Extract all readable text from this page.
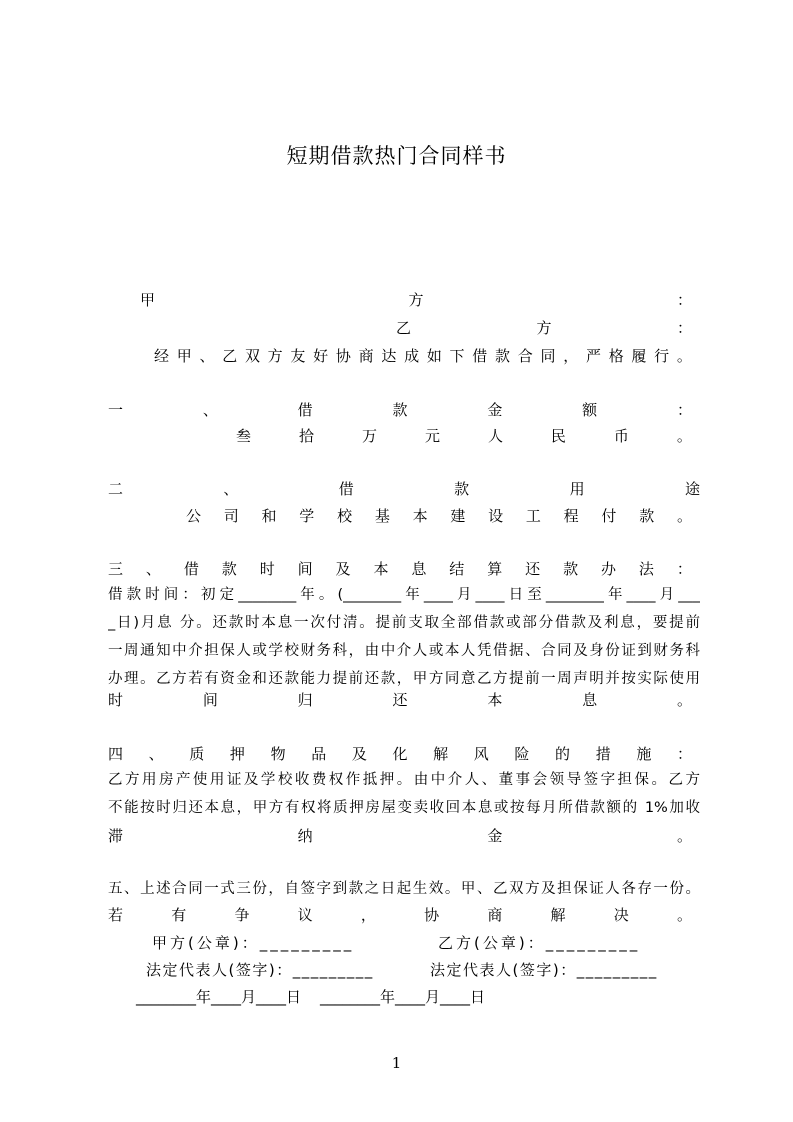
短期借款热门合同样书
甲	方	：
乙	方	：
经 甲 、 乙 双 方 友 好 协 商 达 成 如 下 借 款 合 同 ， 严 格 履 行 。
一	、	借	款	金	额	：
叁	拾	万	元	人	民	币	。
二	、	借	款	用	途
公 司 和 学 校 基 本 建 设 工 程 付 款 。
三 、 借 款 时 间 及 本 息 结 算 还 款 办 法 ：
借款时间：初定________年。(________年____月____日至________年____月___
_日)月息 分。还款时本息一次付清。提前支取全部借款或部分借款及利息，要提前
一周通知中介担保人或学校财务科，由中介人或本人凭借据、合同及身份证到财务科
办理。乙方若有资金和还款能力提前还款，甲方同意乙方提前一周声明并按实际使用
时	间	归	还	本	息	。
四 、 质 押 物 品 及 化 解 风 险 的 措 施 ：
乙方用房产使用证及学校收费权作抵押。由中介人、董事会领导签字担保。乙方
不能按时归还本息，甲方有权将质押房屋变卖收回本息或按每月所借款额的 1%加收
滞	纳	金	。
五、上述合同一式三份，自签字到款之日起生效。甲、乙双方及担保证人各存一份。
若	有	争	议	，	协	商	解	决	。
甲方(公章)：_________	乙方(公章)：_________
法定代表人(签字)：_________	法定代表人(签字)：_________
________年____月____日 ________年____月____日
1
